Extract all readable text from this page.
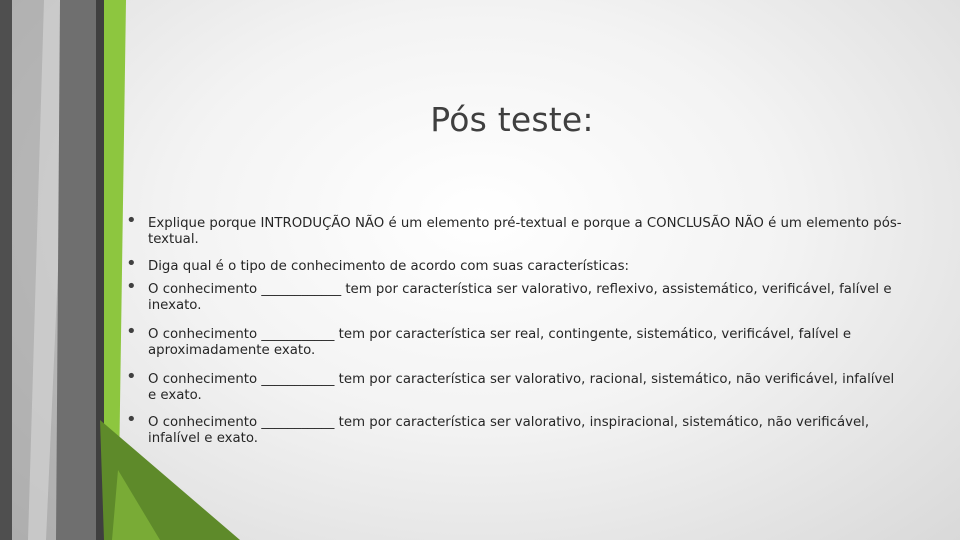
Pós teste:
• Explique porque INTRODUÇÃO NÃO é um elemento pré-textual e porque a CONCLUSÃO NÃO é um elemento pós-textual.
• Diga qual é o tipo de conhecimento de acordo com suas características:
• O conhecimento ____________ tem por característica ser valorativo, reflexivo, assistemático, verificável, falível e inexato.
• O conhecimento ___________ tem por característica ser real, contingente, sistemático, verificável, falível e aproximadamente exato.
• O conhecimento ___________ tem por característica ser valorativo, racional, sistemático, não verificável, infalível e exato.
• O conhecimento ___________ tem por característica ser valorativo, inspiracional, sistemático, não verificável, infalível e exato.
